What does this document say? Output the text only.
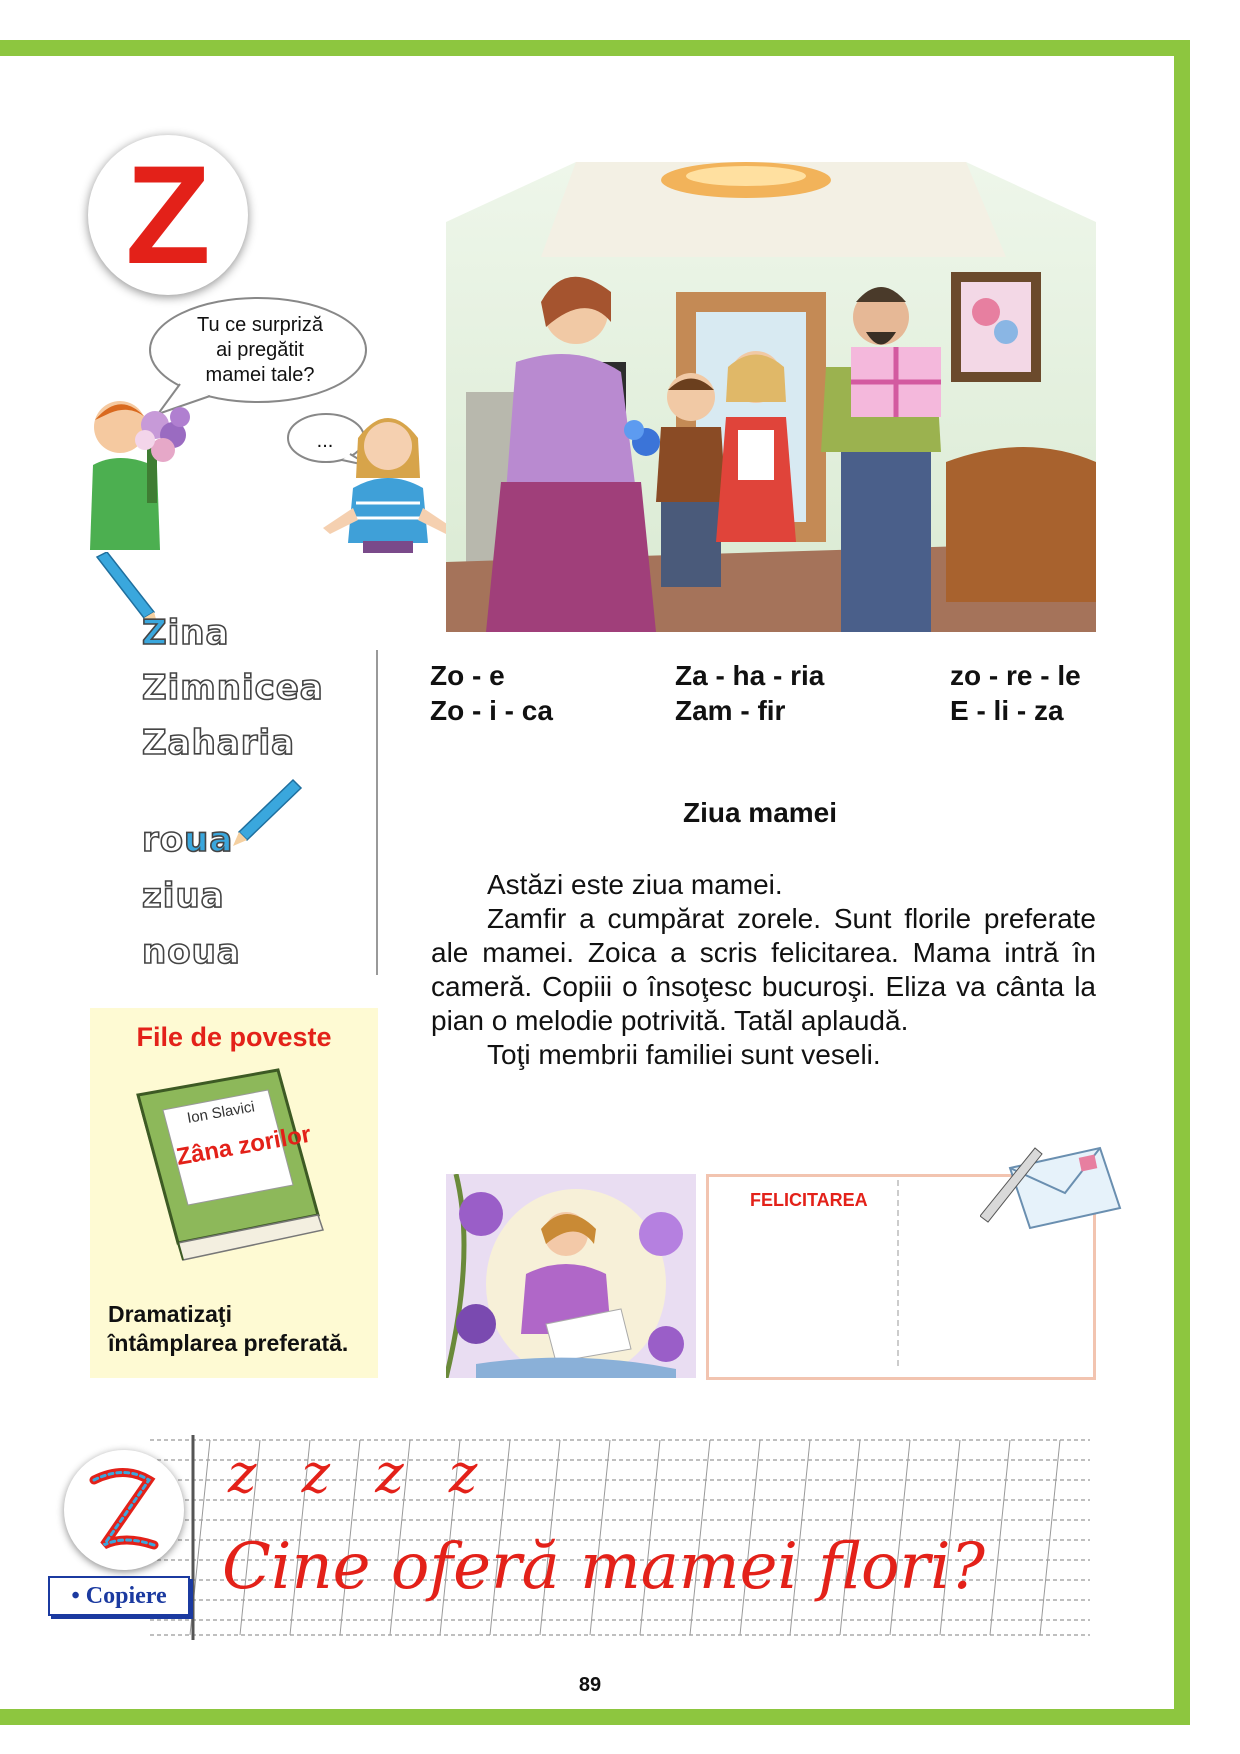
Z
Tu ce surpriză
ai pregătit
mamei tale?
...
Zina
Zimnicea
Zaharia
roua
ziua
noua
Zo - e
Zo - i - ca
Za - ha - ria
Zam - fir
zo - re - le
E - li - za
Ziua mamei

Astăzi este ziua mamei.

Zamfir a cumpărat zorele. Sunt florile preferate ale mamei. Zoica a scris felicitarea. Mama intră în cameră. Copiii o însoţesc bucuroşi. Eliza va cânta la pian o melodie potrivită. Tatăl aplaudă.

Toţi membrii familiei sunt veseli.

File de poveste
Ion Slavici
Zâna zorilor
Dramatizaţi
întâmplarea preferată.
FELICITAREA
• Copiere
z z z z
Cine oferă mamei flori?
89
